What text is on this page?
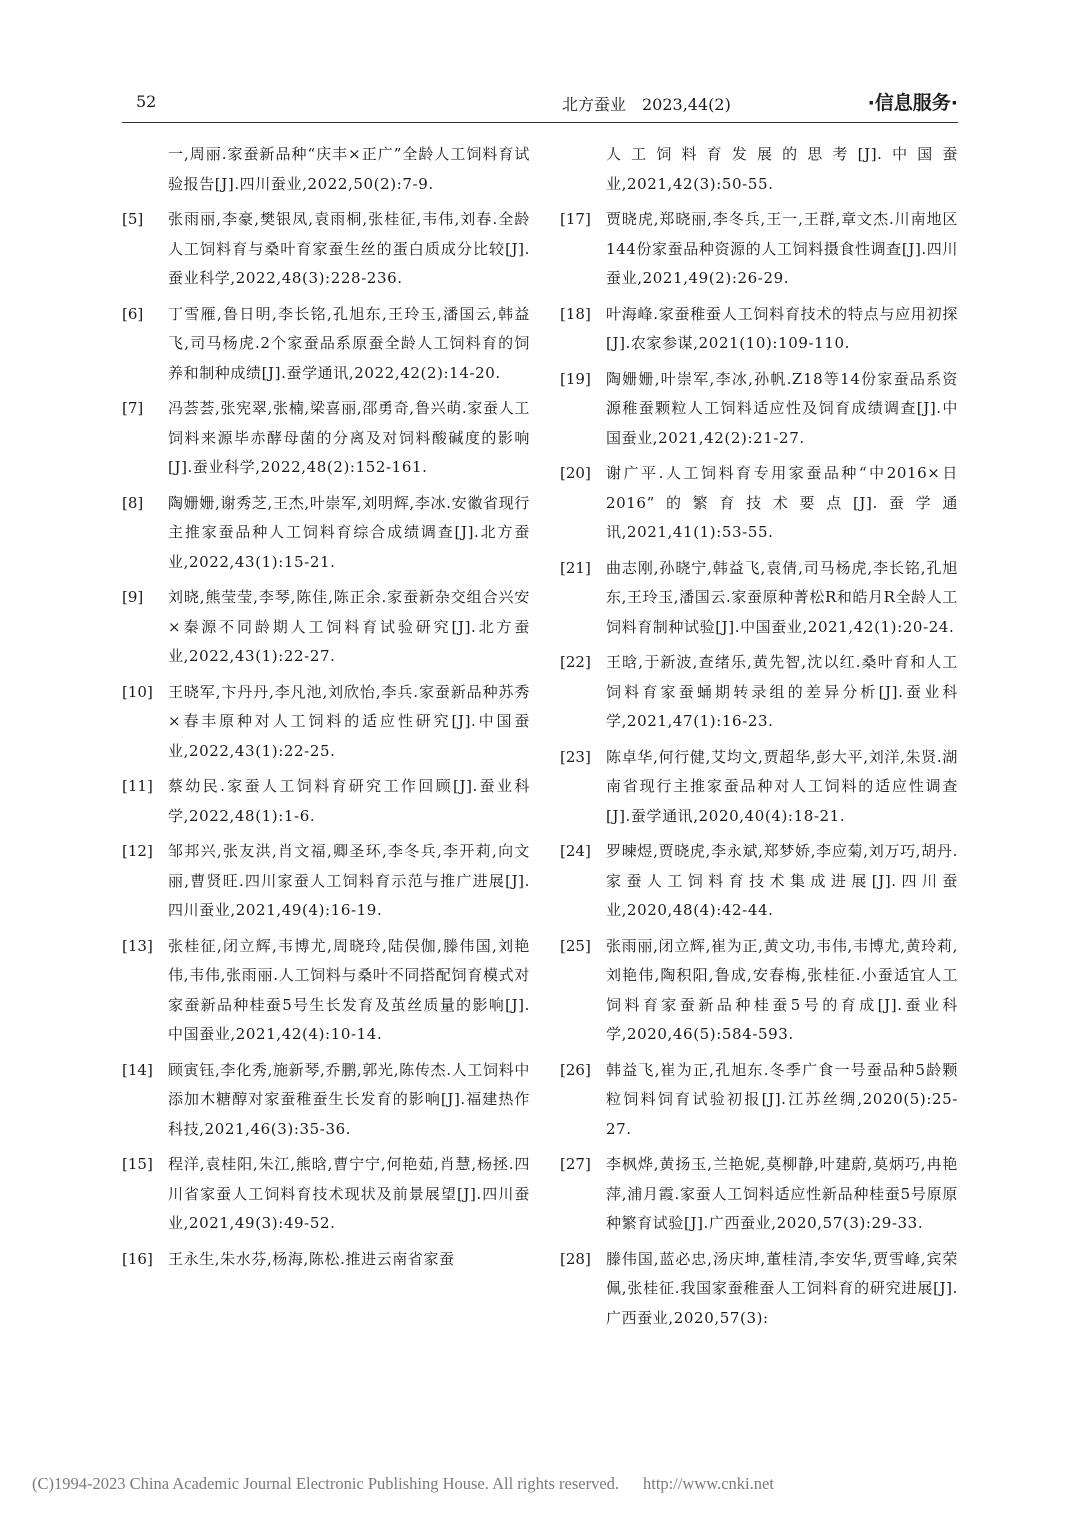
52	北方蚕业　2023,44(2)	·信息服务·
一,周丽.家蚕新品种“庆丰×正广”全龄人工饲料育试验报告[J].四川蚕业,2022,50(2):7-9.
[5]	张雨丽,李豪,樊银凤,袁雨桐,张桂征,韦伟,刘春.全龄人工饲料育与桑叶育家蚕生丝的蛋白质成分比较[J].蚕业科学,2022,48(3):228-236.
[6]	丁雪雁,鲁日明,李长铭,孔旭东,王玲玉,潘国云,韩益飞,司马杨虎.2个家蚕品系原蚕全龄人工饲料育的饲养和制种成绩[J].蚕学通讯,2022,42(2):14-20.
[7]	冯荟荟,张宪翠,张楠,梁喜丽,邵勇奇,鲁兴萌.家蚕人工饲料来源毕赤酵母菌的分离及对饲料酸碱度的影响[J].蚕业科学,2022,48(2):152-161.
[8]	陶姗姗,谢秀芝,王杰,叶崇军,刘明辉,李冰.安徽省现行主推家蚕品种人工饲料育综合成绩调查[J].北方蚕业,2022,43(1):15-21.
[9]	刘晓,熊莹莹,李琴,陈佳,陈正余.家蚕新杂交组合兴安×秦源不同龄期人工饲料育试验研究[J].北方蚕业,2022,43(1):22-27.
[10]	王晓军,卞丹丹,李凡池,刘欣怡,李兵.家蚕新品种苏秀×春丰原种对人工饲料的适应性研究[J].中国蚕业,2022,43(1):22-25.
[11]	蔡幼民.家蚕人工饲料育研究工作回顾[J].蚕业科学,2022,48(1):1-6.
[12]	邹邦兴,张友洪,肖文福,卿圣环,李冬兵,李开莉,向文丽,曹贤旺.四川家蚕人工饲料育示范与推广进展[J].四川蚕业,2021,49(4):16-19.
[13]	张桂征,闭立辉,韦博尤,周晓玲,陆俣伽,滕伟国,刘艳伟,韦伟,张雨丽.人工饲料与桑叶不同搭配饲育模式对家蚕新品种桂蚕5号生长发育及茧丝质量的影响[J].中国蚕业,2021,42(4):10-14.
[14]	顾寅钰,李化秀,施新琴,乔鹏,郭光,陈传杰.人工饲料中添加木糖醇对家蚕稚蚕生长发育的影响[J].福建热作科技,2021,46(3):35-36.
[15]	程洋,袁桂阳,朱江,熊晗,曹宁宁,何艳茹,肖慧,杨拯.四川省家蚕人工饲料育技术现状及前景展望[J].四川蚕业,2021,49(3):49-52.
[16]	王永生,朱水芬,杨海,陈松.推进云南省家蚕
人工饲料育发展的思考[J].中国蚕业,2021,42(3):50-55.
[17]	贾晓虎,郑晓丽,李冬兵,王一,王群,章文杰.川南地区144份家蚕品种资源的人工饲料摄食性调查[J].四川蚕业,2021,49(2):26-29.
[18]	叶海峰.家蚕稚蚕人工饲料育技术的特点与应用初探[J].农家参谋,2021(10):109-110.
[19]	陶姗姗,叶崇军,李冰,孙帆.Z18等14份家蚕品系资源稚蚕颗粒人工饲料适应性及饲育成绩调查[J].中国蚕业,2021,42(2):21-27.
[20]	谢广平.人工饲料育专用家蚕品种“中2016×日2016”的繁育技术要点[J].蚕学通讯,2021,41(1):53-55.
[21]	曲志刚,孙晓宁,韩益飞,袁倩,司马杨虎,李长铭,孔旭东,王玲玉,潘国云.家蚕原种菁松R和皓月R全龄人工饲料育制种试验[J].中国蚕业,2021,42(1):20-24.
[22]	王晗,于新波,查绪乐,黄先智,沈以红.桑叶育和人工饲料育家蚕蛹期转录组的差异分析[J].蚕业科学,2021,47(1):16-23.
[23]	陈卓华,何行健,艾均文,贾超华,彭大平,刘洋,朱贤.湖南省现行主推家蚕品种对人工饲料的适应性调查[J].蚕学通讯,2020,40(4):18-21.
[24]	罗暕煜,贾晓虎,李永斌,郑梦娇,李应菊,刘万巧,胡丹.家蚕人工饲料育技术集成进展[J].四川蚕业,2020,48(4):42-44.
[25]	张雨丽,闭立辉,崔为正,黄文功,韦伟,韦博尤,黄玲莉,刘艳伟,陶积阳,鲁成,安春梅,张桂征.小蚕适宜人工饲料育家蚕新品种桂蚕5号的育成[J].蚕业科学,2020,46(5):584-593.
[26]	韩益飞,崔为正,孔旭东.冬季广食一号蚕品种5龄颗粒饲料饲育试验初报[J].江苏丝绸,2020(5):25-27.
[27]	李枫烨,黄扬玉,兰艳妮,莫柳静,叶建蔚,莫炳巧,冉艳萍,浦月霞.家蚕人工饲料适应性新品种桂蚕5号原原种繁育试验[J].广西蚕业,2020,57(3):29-33.
[28]	滕伟国,蓝必忠,汤庆坤,董桂清,李安华,贾雪峰,宾荣佩,张桂征.我国家蚕稚蚕人工饲料育的研究进展[J].广西蚕业,2020,57(3):
(C)1994-2023 China Academic Journal Electronic Publishing House. All rights reserved. http://www.cnki.net
